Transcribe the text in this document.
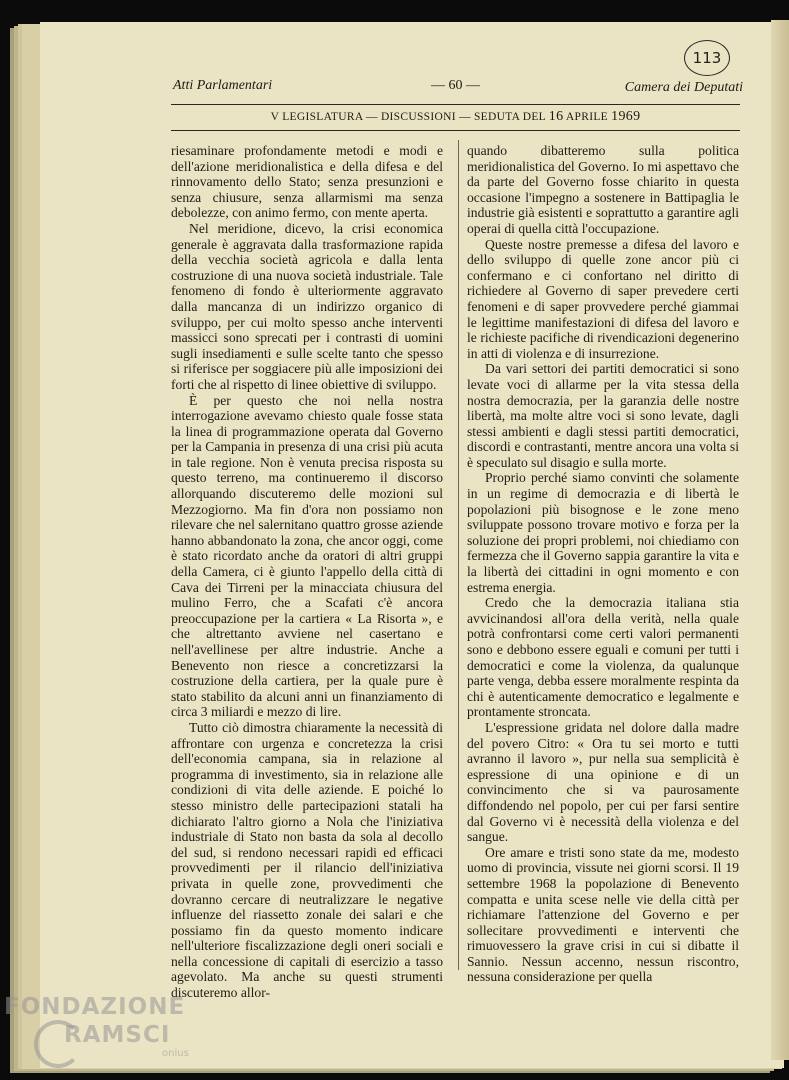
113
Atti Parlamentari	— 60 —	Camera dei Deputati
V LEGISLATURA — DISCUSSIONI — SEDUTA DEL 16 APRILE 1969

riesaminare profondamente metodi e modi e dell'azione meridionalistica e della difesa e del rinnovamento dello Stato; senza presunzioni e senza chiusure, senza allarmismi ma senza debolezze, con animo fermo, con mente aperta.

Nel meridione, dicevo, la crisi economica generale è aggravata dalla trasformazione rapida della vecchia società agricola e dalla lenta costruzione di una nuova società industriale. Tale fenomeno di fondo è ulteriormente aggravato dalla mancanza di un indirizzo organico di sviluppo, per cui molto spesso anche interventi massicci sono sprecati per i contrasti di uomini sugli insediamenti e sulle scelte tanto che spesso si riferisce per soggiacere più alle imposizioni dei forti che al rispetto di linee obiettive di sviluppo.

È per questo che noi nella nostra interrogazione avevamo chiesto quale fosse stata la linea di programmazione operata dal Governo per la Campania in presenza di una crisi più acuta in tale regione. Non è venuta precisa risposta su questo terreno, ma continueremo il discorso allorquando discuteremo delle mozioni sul Mezzogiorno. Ma fin d'ora non possiamo non rilevare che nel salernitano quattro grosse aziende hanno abbandonato la zona, che ancor oggi, come è stato ricordato anche da oratori di altri gruppi della Camera, ci è giunto l'appello della città di Cava dei Tirreni per la minacciata chiusura del mulino Ferro, che a Scafati c'è ancora preoccupazione per la cartiera « La Risorta », e che altrettanto avviene nel casertano e nell'avellinese per altre industrie. Anche a Benevento non riesce a concretizzarsi la costruzione della cartiera, per la quale pure è stato stabilito da alcuni anni un finanziamento di circa 3 miliardi e mezzo di lire.

Tutto ciò dimostra chiaramente la necessità di affrontare con urgenza e concretezza la crisi dell'economia campana, sia in relazione al programma di investimento, sia in relazione alle condizioni di vita delle aziende. E poiché lo stesso ministro delle partecipazioni statali ha dichiarato l'altro giorno a Nola che l'iniziativa industriale di Stato non basta da sola al decollo del sud, si rendono necessari rapidi ed efficaci provvedimenti per il rilancio dell'iniziativa privata in quelle zone, provvedimenti che dovranno cercare di neutralizzare le negative influenze del riassetto zonale dei salari e che possiamo fin da questo momento indicare nell'ulteriore fiscalizzazione degli oneri sociali e nella concessione di capitali di esercizio a tasso agevolato. Ma anche su questi strumenti discuteremo allor-

quando dibatteremo sulla politica meridionalistica del Governo. Io mi aspettavo che da parte del Governo fosse chiarito in questa occasione l'impegno a sostenere in Battipaglia le industrie già esistenti e soprattutto a garantire agli operai di quella città l'occupazione.

Queste nostre premesse a difesa del lavoro e dello sviluppo di quelle zone ancor più ci confermano e ci confortano nel diritto di richiedere al Governo di saper prevedere certi fenomeni e di saper provvedere perché giammai le legittime manifestazioni di difesa del lavoro e le richieste pacifiche di rivendicazioni degenerino in atti di violenza e di insurrezione.

Da vari settori dei partiti democratici si sono levate voci di allarme per la vita stessa della nostra democrazia, per la garanzia delle nostre libertà, ma molte altre voci si sono levate, dagli stessi ambienti e dagli stessi partiti democratici, discordi e contrastanti, mentre ancora una volta si è speculato sul disagio e sulla morte.

Proprio perché siamo convinti che solamente in un regime di democrazia e di libertà le popolazioni più bisognose e le zone meno sviluppate possono trovare motivo e forza per la soluzione dei propri problemi, noi chiediamo con fermezza che il Governo sappia garantire la vita e la libertà dei cittadini in ogni momento e con estrema energia.

Credo che la democrazia italiana stia avvicinandosi all'ora della verità, nella quale potrà confrontarsi come certi valori permanenti sono e debbono essere eguali e comuni per tutti i democratici e come la violenza, da qualunque parte venga, debba essere moralmente respinta da chi è autenticamente democratico e legalmente e prontamente stroncata.

L'espressione gridata nel dolore dalla madre del povero Citro: « Ora tu sei morto e tutti avranno il lavoro », pur nella sua semplicità è espressione di una opinione e di un convincimento che si va paurosamente diffondendo nel popolo, per cui per farsi sentire dal Governo vi è necessità della violenza e del sangue.

Ore amare e tristi sono state da me, modesto uomo di provincia, vissute nei giorni scorsi. Il 19 settembre 1968 la popolazione di Benevento compatta e unita scese nelle vie della città per richiamare l'attenzione del Governo e per sollecitare provvedimenti e interventi che rimuovessero la grave crisi in cui si dibatte il Sannio. Nessun accenno, nessun riscontro, nessuna considerazione per quella

FONDAZIONE
RAMSCI
onlus
